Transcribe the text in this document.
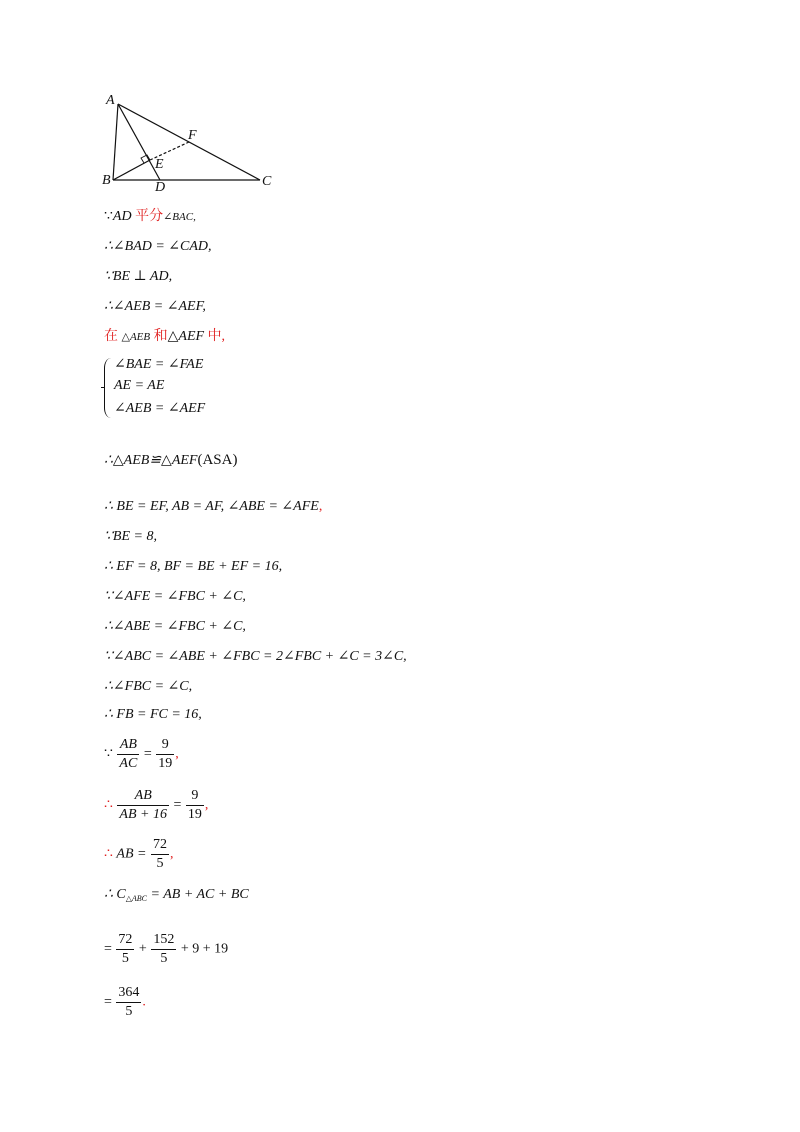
A
B	C
D
E
F
∵AD 平分∠BAC,
∴∠BAD = ∠CAD,
∵BE ⊥ AD,
∴∠AEB = ∠AEF,
在 △AEB 和△AEF 中,
∠BAE = ∠FAE
AE = AE
∠AEB = ∠AEF
∴△AEB≌△AEF(ASA)
∴ BE = EF, AB = AF, ∠ABE = ∠AFE,
∵BE = 8,
∴ EF = 8, BF = BE + EF = 16,
∵∠AFE = ∠FBC + ∠C,
∴∠ABE = ∠FBC + ∠C,
∵∠ABC = ∠ABE + ∠FBC = 2∠FBC + ∠C = 3∠C,
∴∠FBC = ∠C,
∴ FB = FC = 16,
∵ $\frac{AB}{AC} = \frac{9}{19}$ ,
∴ $\frac{AB}{AB + 16} = \frac{9}{19}$ ,
∴ AB = $\frac{72}{5}$ ,
∴ $C_{\triangle ABC}$ = AB + AC + BC
= $\frac{72}{5} + \frac{152}{5} + 9 + 19$
= $\frac{364}{5}$ .
